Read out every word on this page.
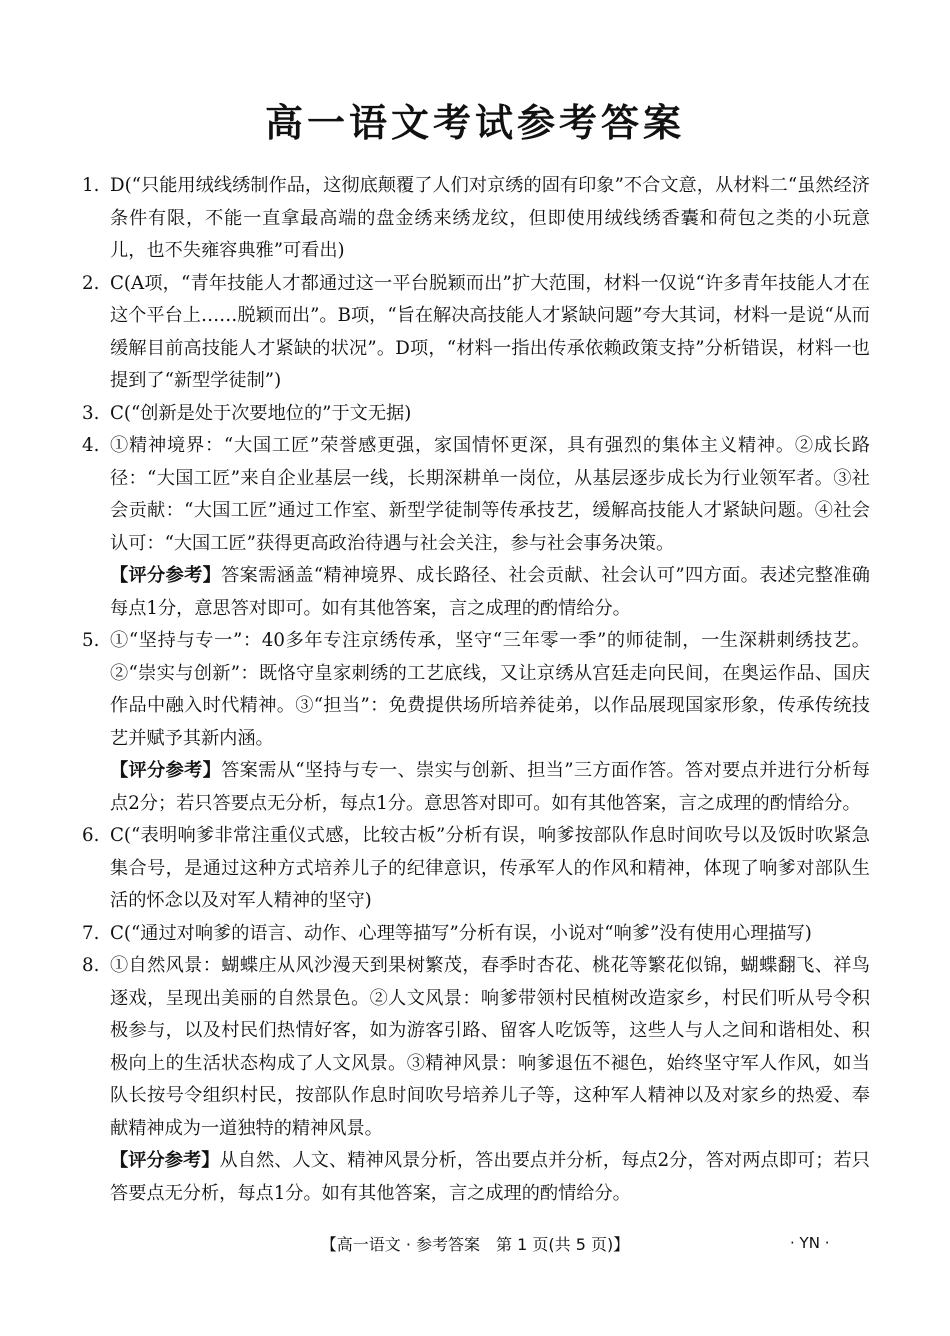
高一语文考试参考答案
1. D(“只能用绒线绣制作品，这彻底颠覆了人们对京绣的固有印象”不合文意，从材料二“虽然经济条件有限，不能一直拿最高端的盘金绣来绣龙纹，但即使用绒线绣香囊和荷包之类的小玩意儿，也不失雍容典雅”可看出)
2. C(A项，“青年技能人才都通过这一平台脱颖而出”扩大范围，材料一仅说“许多青年技能人才在这个平台上……脱颖而出”。B项，“旨在解决高技能人才紧缺问题”夸大其词，材料一是说“从而缓解目前高技能人才紧缺的状况”。D项，“材料一指出传承依赖政策支持”分析错误，材料一也提到了“新型学徒制”)
3. C(“创新是处于次要地位的”于文无据)
4. ①精神境界：“大国工匠”荣誉感更强，家国情怀更深，具有强烈的集体主义精神。②成长路径：“大国工匠”来自企业基层一线，长期深耕单一岗位，从基层逐步成长为行业领军者。③社会贡献：“大国工匠”通过工作室、新型学徒制等传承技艺，缓解高技能人才紧缺问题。④社会认可：“大国工匠”获得更高政治待遇与社会关注，参与社会事务决策。
【评分参考】答案需涵盖“精神境界、成长路径、社会贡献、社会认可”四方面。表述完整准确每点1分，意思答对即可。如有其他答案，言之成理的酌情给分。
5. ①“坚持与专一”：40多年专注京绣传承，坚守“三年零一季”的师徒制，一生深耕刺绣技艺。②“崇实与创新”：既恪守皇家刺绣的工艺底线，又让京绣从宫廷走向民间，在奥运作品、国庆作品中融入时代精神。③“担当”：免费提供场所培养徒弟，以作品展现国家形象，传承传统技艺并赋予其新内涵。
【评分参考】答案需从“坚持与专一、崇实与创新、担当”三方面作答。答对要点并进行分析每点2分；若只答要点无分析，每点1分。意思答对即可。如有其他答案，言之成理的酌情给分。
6. C(“表明响爹非常注重仪式感，比较古板”分析有误，响爹按部队作息时间吹号以及饭时吹紧急集合号，是通过这种方式培养儿子的纪律意识，传承军人的作风和精神，体现了响爹对部队生活的怀念以及对军人精神的坚守)
7. C(“通过对响爹的语言、动作、心理等描写”分析有误，小说对“响爹”没有使用心理描写)
8. ①自然风景：蝴蝶庄从风沙漫天到果树繁茂，春季时杏花、桃花等繁花似锦，蝴蝶翻飞、祥鸟逐戏，呈现出美丽的自然景色。②人文风景：响爹带领村民植树改造家乡，村民们听从号令积极参与，以及村民们热情好客，如为游客引路、留客人吃饭等，这些人与人之间和谐相处、积极向上的生活状态构成了人文风景。③精神风景：响爹退伍不褪色，始终坚守军人作风，如当队长按号令组织村民，按部队作息时间吹号培养儿子等，这种军人精神以及对家乡的热爱、奉献精神成为一道独特的精神风景。
【评分参考】从自然、人文、精神风景分析，答出要点并分析，每点2分，答对两点即可；若只答要点无分析，每点1分。如有其他答案，言之成理的酌情给分。
【高一语文 · 参考答案　第 1 页(共 5 页)】	· YN ·
